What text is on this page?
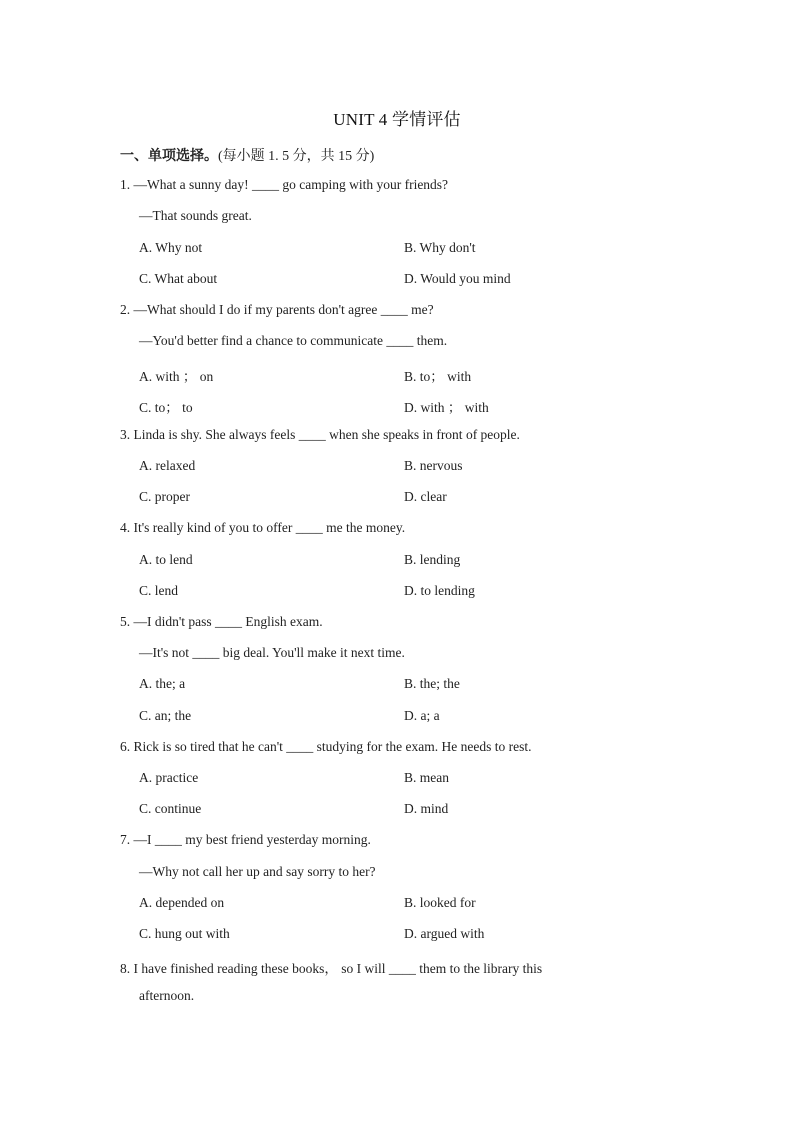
UNIT 4 学情评估
一、单项选择。(每小题 1. 5 分，共 15 分)
1. —What a sunny day! ____ go camping with your friends?
—That sounds great.
A. Why not	B. Why don't
C. What about	D. Would you mind
2. —What should I do if my parents don't agree ____ me?
—You'd better find a chance to communicate ____ them.
A. with ； on	B. to； with
C. to； to	D. with ； with
3. Linda is shy. She always feels ____ when she speaks in front of people.
A. relaxed	B. nervous
C. proper	D. clear
4. It's really kind of you to offer ____ me the money.
A. to lend	B. lending
C. lend	D. to lending
5. —I didn't pass ____ English exam.
—It's not ____ big deal. You'll make it next time.
A. the; a	B. the; the
C. an; the	D. a; a
6. Rick is so tired that he can't ____ studying for the exam. He needs to rest.
A. practice	B. mean
C. continue	D. mind
7. —I ____ my best friend yesterday morning.
—Why not call her up and say sorry to her?
A. depended on	B. looked for
C. hung out with	D. argued with
8. I have finished reading these books， so I will ____ them to the library this
afternoon.
